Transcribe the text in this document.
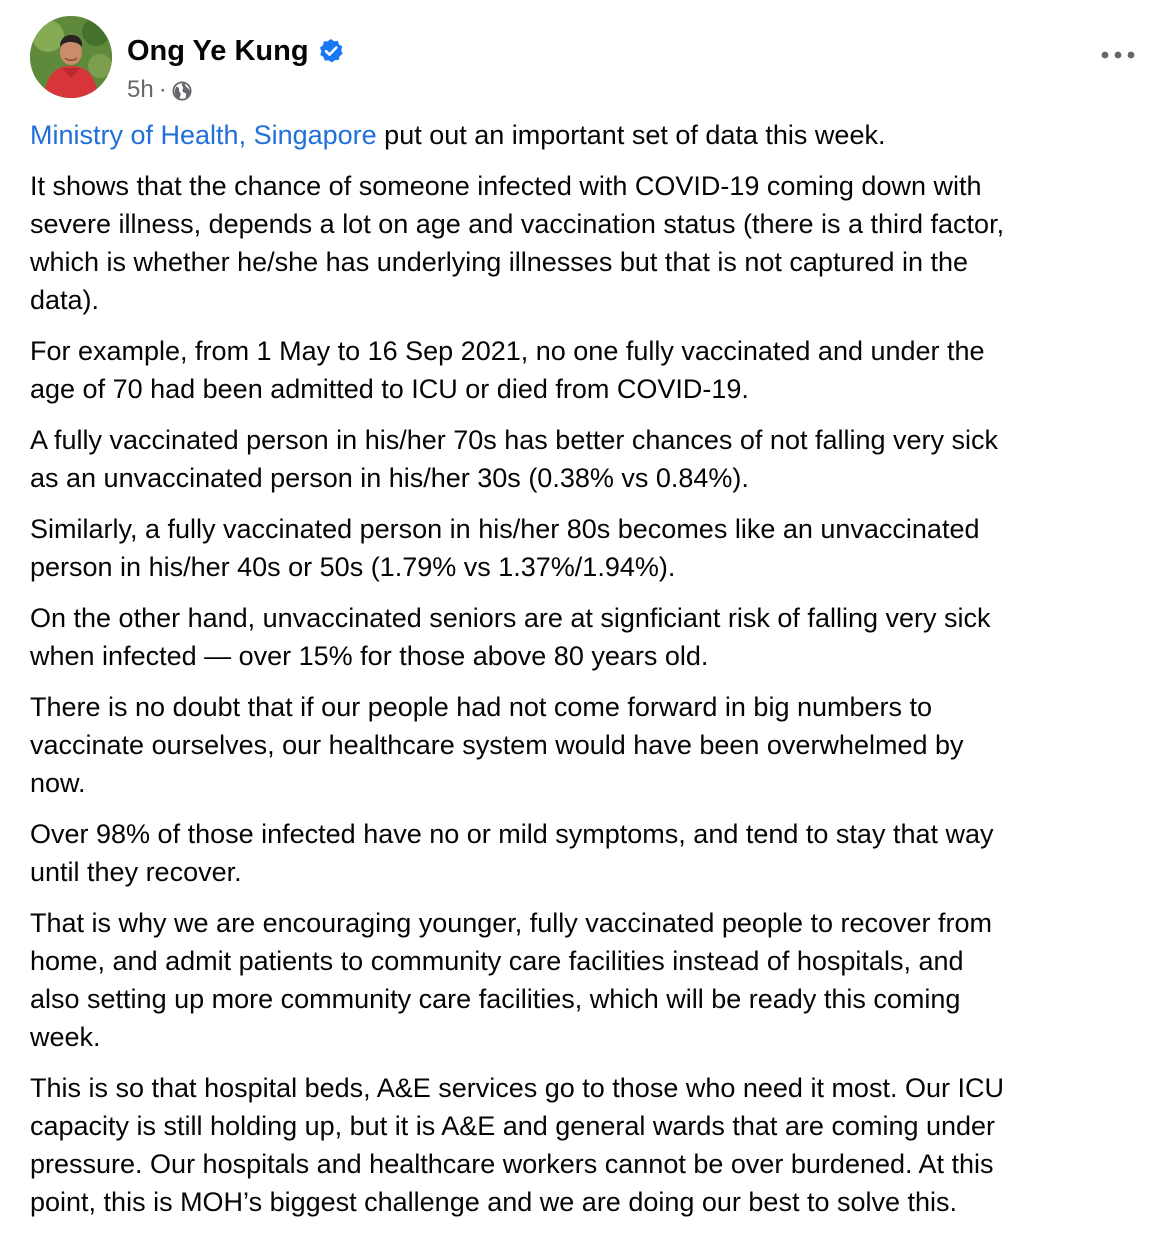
Ong Ye Kung
5h ·

Ministry of Health, Singapore put out an important set of data this week.

It shows that the chance of someone infected with COVID-19 coming down with
severe illness, depends a lot on age and vaccination status (there is a third factor,
which is whether he/she has underlying illnesses but that is not captured in the
data).

For example, from 1 May to 16 Sep 2021, no one fully vaccinated and under the
age of 70 had been admitted to ICU or died from COVID-19.

A fully vaccinated person in his/her 70s has better chances of not falling very sick
as an unvaccinated person in his/her 30s (0.38% vs 0.84%).

Similarly, a fully vaccinated person in his/her 80s becomes like an unvaccinated
person in his/her 40s or 50s (1.79% vs 1.37%/1.94%).

On the other hand, unvaccinated seniors are at signficiant risk of falling very sick
when infected — over 15% for those above 80 years old.

There is no doubt that if our people had not come forward in big numbers to
vaccinate ourselves, our healthcare system would have been overwhelmed by
now.

Over 98% of those infected have no or mild symptoms, and tend to stay that way
until they recover.

That is why we are encouraging younger, fully vaccinated people to recover from
home, and admit patients to community care facilities instead of hospitals, and
also setting up more community care facilities, which will be ready this coming
week.

This is so that hospital beds, A&E services go to those who need it most. Our ICU
capacity is still holding up, but it is A&E and general wards that are coming under
pressure. Our hospitals and healthcare workers cannot be over burdened. At this
point, this is MOH’s biggest challenge and we are doing our best to solve this.
